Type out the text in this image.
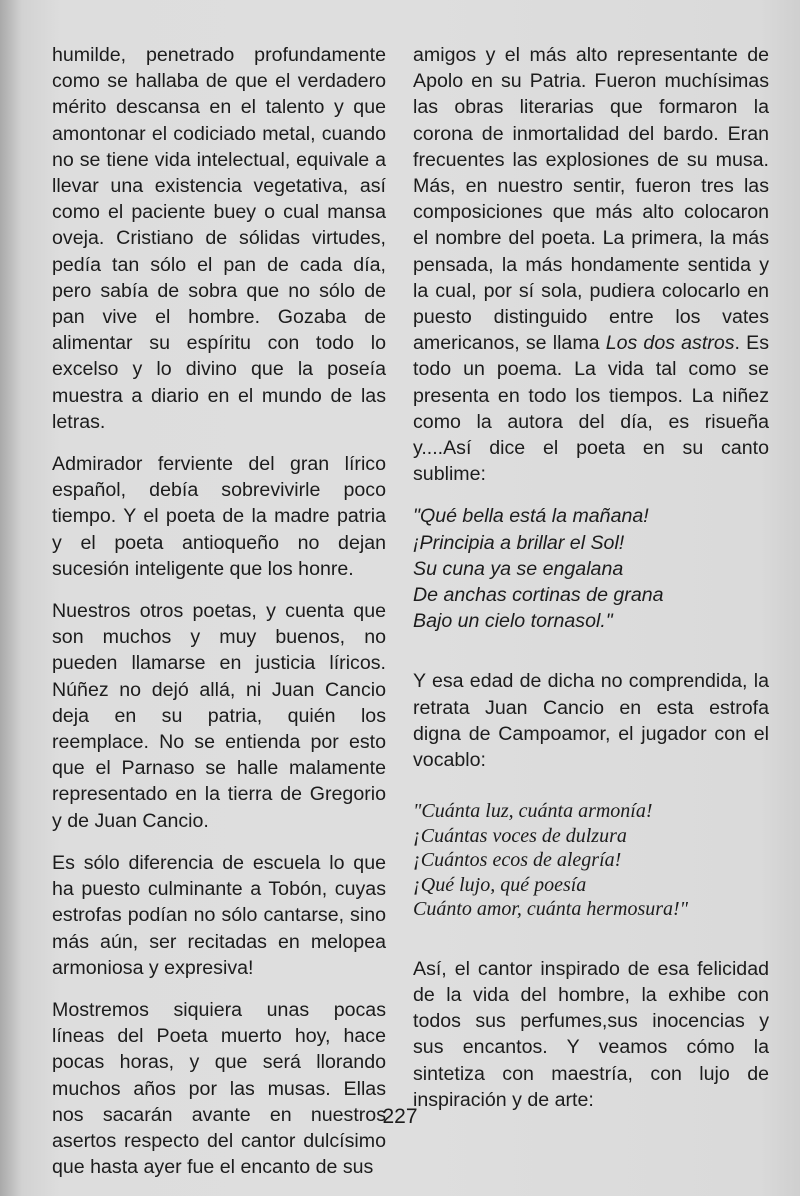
humilde, penetrado profundamente como se hallaba de que el verdadero mérito descansa en el talento y que amontonar el codiciado metal, cuando no se tiene vida intelectual, equivale a llevar una existencia vegetativa, así como el paciente buey o cual mansa oveja. Cristiano de sólidas virtudes, pedía tan sólo el pan de cada día, pero sabía de sobra que no sólo de pan vive el hombre. Gozaba de alimentar su espíritu con todo lo excelso y lo divino que la poseía muestra a diario en el mundo de las letras.

Admirador ferviente del gran lírico español, debía sobrevivirle poco tiempo. Y el poeta de la madre patria y el poeta antioqueño no dejan sucesión inteligente que los honre.

Nuestros otros poetas, y cuenta que son muchos y muy buenos, no pueden llamarse en justicia líricos. Núñez no dejó allá, ni Juan Cancio deja en su patria, quién los reemplace. No se entienda por esto que el Parnaso se halle malamente representado en la tierra de Gregorio y de Juan Cancio.

Es sólo diferencia de escuela lo que ha puesto culminante a Tobón, cuyas estrofas podían no sólo cantarse, sino más aún, ser recitadas en melopea armoniosa y expresiva!

Mostremos siquiera unas pocas líneas del Poeta muerto hoy, hace pocas horas, y que será llorando muchos años por las musas. Ellas nos sacarán avante en nuestros asertos respecto del cantor dulcísimo que hasta ayer fue el encanto de sus

amigos y el más alto representante de Apolo en su Patria. Fueron muchísimas las obras literarias que formaron la corona de inmortalidad del bardo. Eran frecuentes las explosiones de su musa. Más, en nuestro sentir, fueron tres las composiciones que más alto colocaron el nombre del poeta. La primera, la más pensada, la más hondamente sentida y la cual, por sí sola, pudiera colocarlo en puesto distinguido entre los vates americanos, se llama Los dos astros. Es todo un poema. La vida tal como se presenta en todo los tiempos. La niñez como la autora del día, es risueña y....Así dice el poeta en su canto sublime:

"Qué bella está la mañana!
¡Principia a brillar el Sol!
Su cuna ya se engalana
De anchas cortinas de grana
Bajo un cielo tornasol."

Y esa edad de dicha no comprendida, la retrata Juan Cancio en esta estrofa digna de Campoamor, el jugador con el vocablo:

"Cuánta luz, cuánta armonía!
¡Cuántas voces de dulzura
¡Cuántos ecos de alegría!
¡Qué lujo, qué poesía
Cuánto amor, cuánta hermosura!"

Así, el cantor inspirado de esa felicidad de la vida del hombre, la exhibe con todos sus perfumes,sus inocencias y sus encantos. Y veamos cómo la sintetiza con maestría, con lujo de inspiración y de arte:

227
